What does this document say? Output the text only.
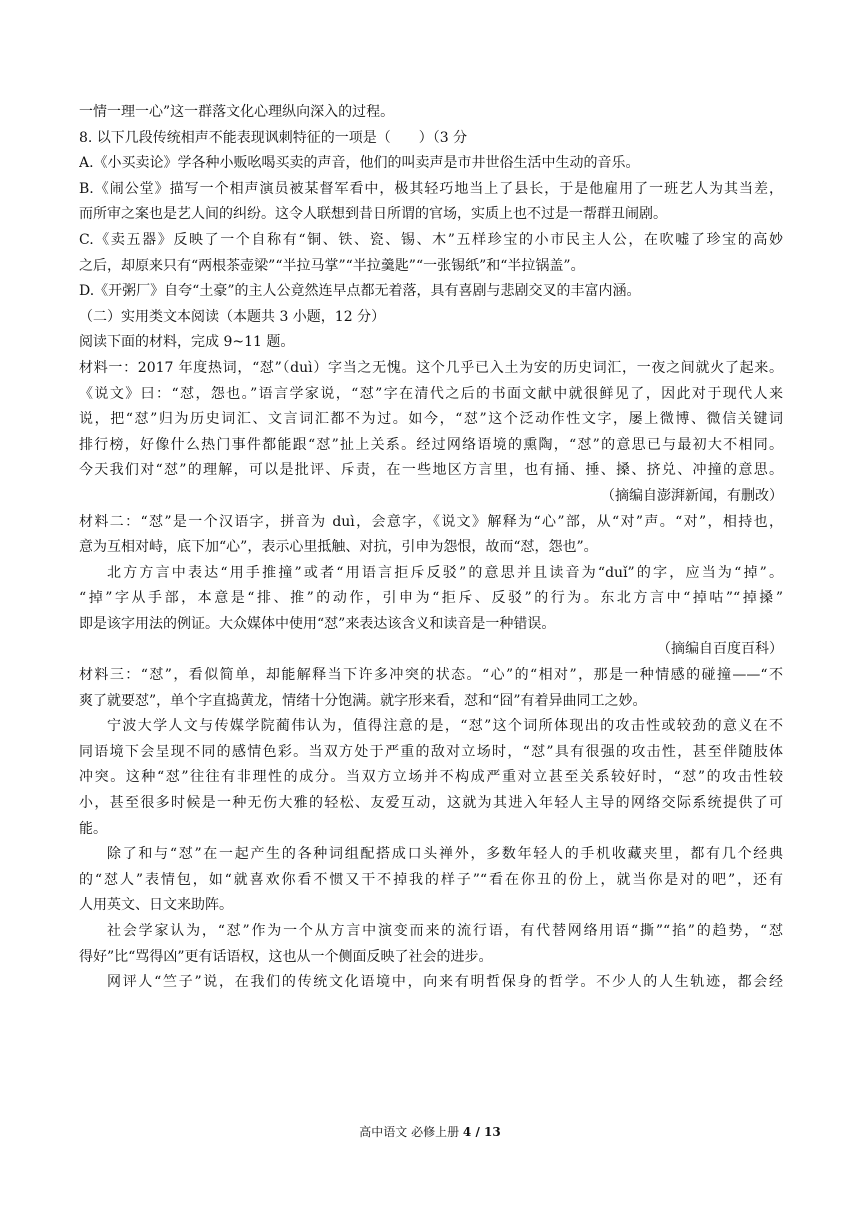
一情一理一心”这一群落文化心理纵向深入的过程。
8. 以下几段传统相声不能表现讽刺特征的一项是（　　）（3 分
A.《小买卖论》学各种小贩吆喝买卖的声音，他们的叫卖声是市井世俗生活中生动的音乐。
B.《闹公堂》描写一个相声演员被某督军看中，极其轻巧地当上了县长，于是他雇用了一班艺人为其当差，
而所审之案也是艺人间的纠纷。这令人联想到昔日所谓的官场，实质上也不过是一帮群丑闹剧。
C.《卖五器》反映了一个自称有“铜、铁、瓷、锡、木”五样珍宝的小市民主人公，在吹嘘了珍宝的高妙
之后，却原来只有“两根茶壶梁”“半拉马掌”“半拉羹匙”“一张锡纸”和“半拉锅盖”。
D.《开粥厂》自夸“土豪”的主人公竟然连早点都无着落，具有喜剧与悲剧交叉的丰富内涵。
（二）实用类文本阅读（本题共 3 小题，12 分）
阅读下面的材料，完成 9~11 题。
材料一：2017 年度热词，“怼”（duì）字当之无愧。这个几乎已入土为安的历史词汇，一夜之间就火了起来。
《说文》曰：“怼，怨也。”语言学家说，“怼”字在清代之后的书面文献中就很鲜见了，因此对于现代人来
说，把“怼”归为历史词汇、文言词汇都不为过。如今，“怼”这个泛动作性文字，屡上微博、微信关键词
排行榜，好像什么热门事件都能跟“怼”扯上关系。经过网络语境的熏陶，“怼”的意思已与最初大不相同。
今天我们对“怼”的理解，可以是批评、斥责，在一些地区方言里，也有捅、捶、搡、挤兑、冲撞的意思。
（摘编自澎湃新闻，有删改）
材料二：“怼”是一个汉语字，拼音为 duì，会意字，《说文》解释为“心”部，从“对”声。“对”，相持也，
意为互相对峙，底下加“心”，表示心里抵触、对抗，引申为怨恨，故而“怼，怨也”。
北方方言中表达“用手推撞”或者“用语言拒斥反驳”的意思并且读音为“duǐ”的字，应当为“掉”。
“掉”字从手部，本意是“排、推”的动作，引申为“拒斥、反驳”的行为。东北方言中“掉咕”“掉搡”
即是该字用法的例证。大众媒体中使用“怼”来表达该含义和读音是一种错误。
（摘编自百度百科）
材料三：“怼”，看似简单，却能解释当下许多冲突的状态。“心”的“相对”，那是一种情感的碰撞——“不
爽了就要怼”，单个字直捣黄龙，情绪十分饱满。就字形来看，怼和“囧”有着异曲同工之妙。
宁波大学人文与传媒学院蔺伟认为，值得注意的是，“怼”这个词所体现出的攻击性或较劲的意义在不
同语境下会呈现不同的感情色彩。当双方处于严重的敌对立场时，“怼”具有很强的攻击性，甚至伴随肢体
冲突。这种“怼”往往有非理性的成分。当双方立场并不构成严重对立甚至关系较好时，“怼”的攻击性较
小，甚至很多时候是一种无伤大雅的轻松、友爱互动，这就为其进入年轻人主导的网络交际系统提供了可
能。
除了和与“怼”在一起产生的各种词组配搭成口头禅外，多数年轻人的手机收藏夹里，都有几个经典
的“怼人”表情包，如“就喜欢你看不惯又干不掉我的样子”“看在你丑的份上，就当你是对的吧”，还有
人用英文、日文来助阵。
社会学家认为，“怼”作为一个从方言中演变而来的流行语，有代替网络用语“撕”“掐”的趋势，“怼
得好”比“骂得凶”更有话语权，这也从一个侧面反映了社会的进步。
网评人“竺子”说，在我们的传统文化语境中，向来有明哲保身的哲学。不少人的人生轨迹，都会经
高中语文 必修上册 4 / 13
